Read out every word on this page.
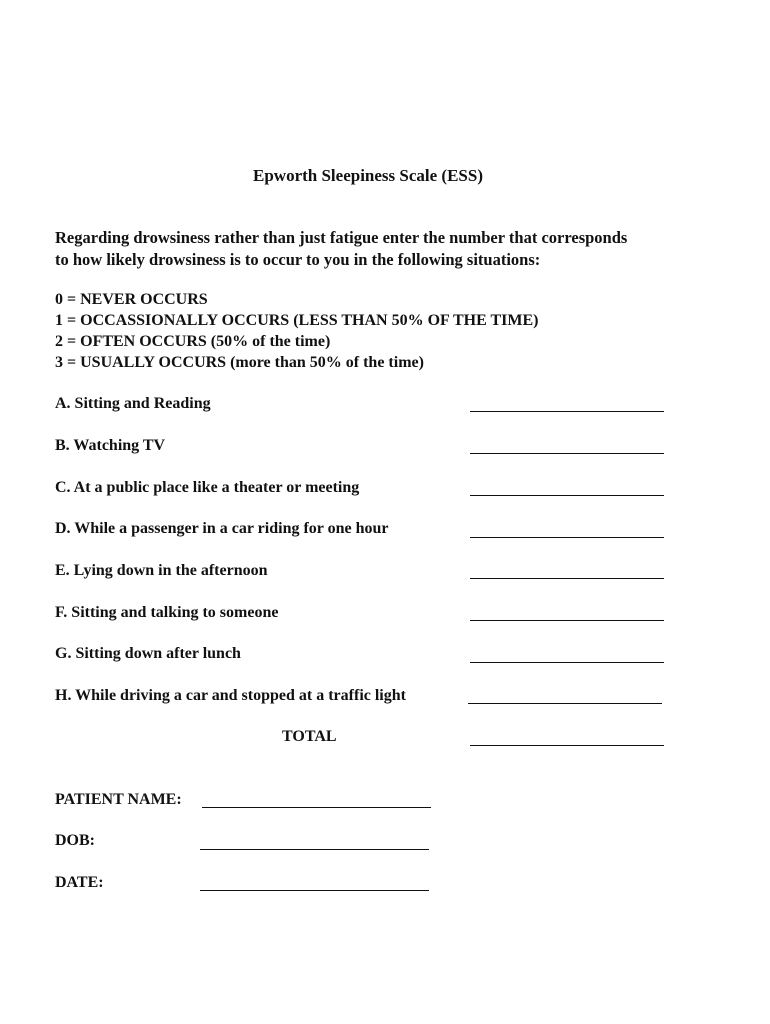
Epworth Sleepiness Scale (ESS)
Regarding drowsiness rather than just fatigue enter the number that corresponds
to how likely drowsiness is to occur to you in the following situations:
0 = NEVER OCCURS
1 = OCCASSIONALLY OCCURS (LESS THAN 50% OF THE TIME)
2 = OFTEN OCCURS (50% of the time)
3 = USUALLY OCCURS (more than 50% of the time)
A. Sitting and Reading
B. Watching TV
C. At a public place like a theater or meeting
D. While a passenger in a car riding for one hour
E. Lying down in the afternoon
F. Sitting and talking to someone
G. Sitting down after lunch
H. While driving a car and stopped at a traffic light
TOTAL
PATIENT NAME:
DOB:
DATE:
